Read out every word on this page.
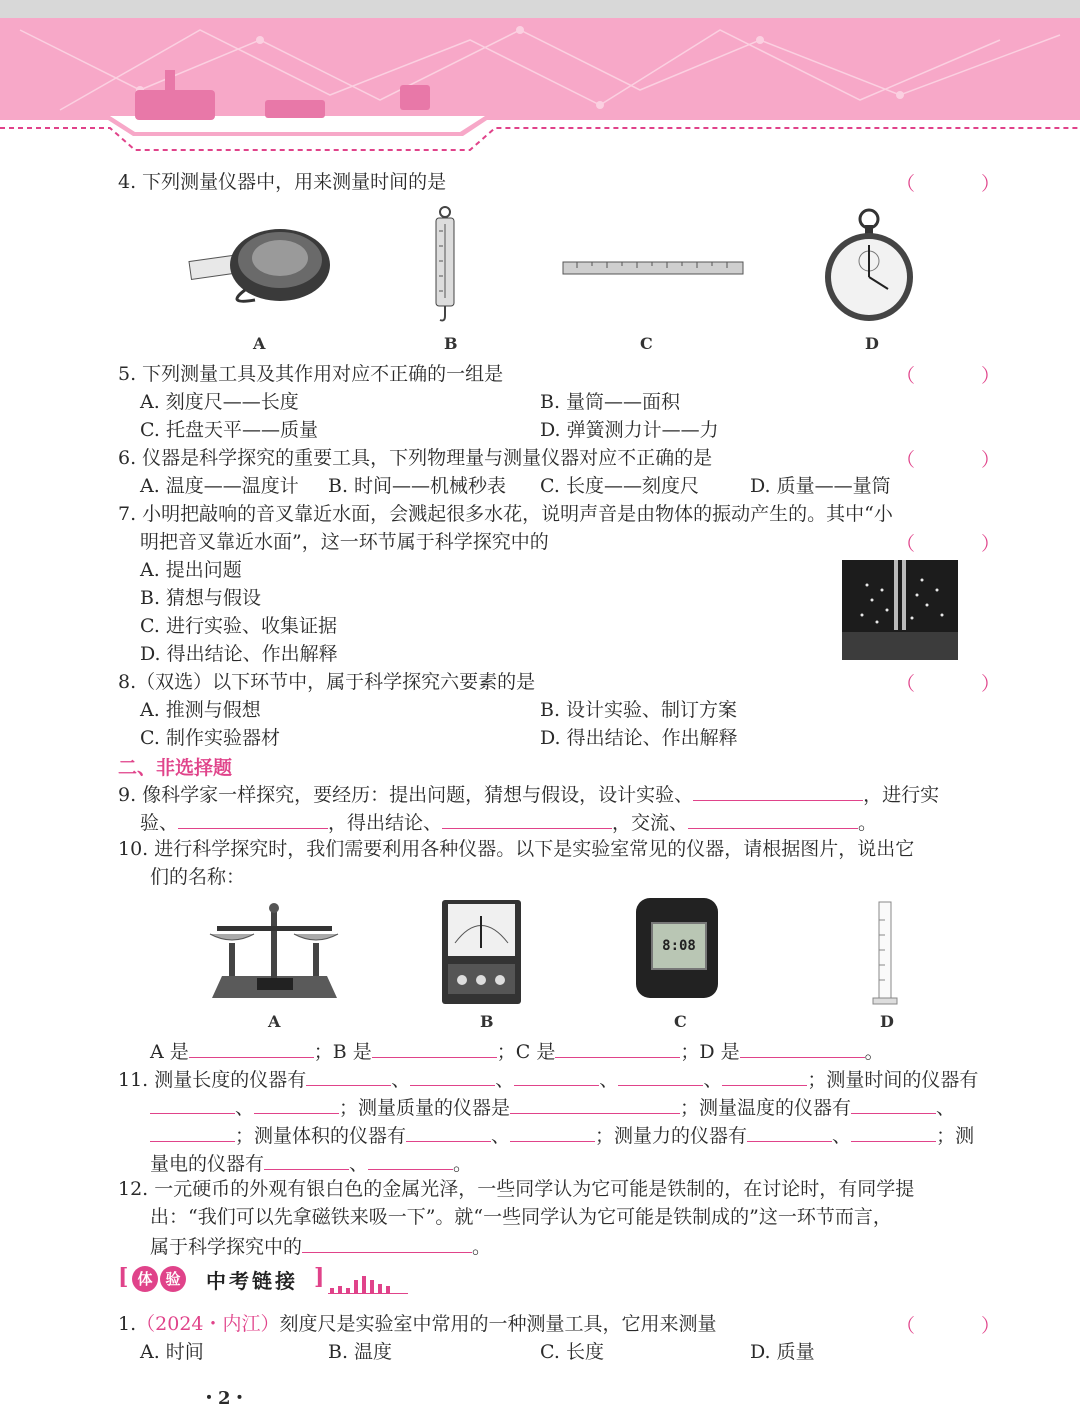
4. 下列测量仪器中，用来测量时间的是	（ ）
A	B	C	D
5. 下列测量工具及其作用对应不正确的一组是	（ ）
A. 刻度尺——长度	B. 量筒——面积
C. 托盘天平——质量	D. 弹簧测力计——力
6. 仪器是科学探究的重要工具，下列物理量与测量仪器对应不正确的是	（ ）
A. 温度——温度计 B. 时间——机械秒表 C. 长度——刻度尺	D. 质量——量筒
7. 小明把敲响的音叉靠近水面，会溅起很多水花，说明声音是由物体的振动产生的。其中“小
明把音叉靠近水面”，这一环节属于科学探究中的	（ ）
A. 提出问题
B. 猜想与假设
C. 进行实验、收集证据
D. 得出结论、作出解释
8.（双选）以下环节中，属于科学探究六要素的是	（ ）
A. 推测与假想	B. 设计实验、制订方案
C. 制作实验器材	D. 得出结论、作出解释
二、非选择题
9. 像科学家一样探究，要经历：提出问题，猜想与假设，设计实验、	，进行实
验、	，得出结论、	，交流、	。
10. 进行科学探究时，我们需要利用各种仪器。以下是实验室常见的仪器，请根据图片，说出它
们的名称：
8:08
A	B	C	D
A 是	；B 是	；C 是	；D 是	。
11. 测量长度的仪器有	、	、	、	、	；测量时间的仪器有
、	；测量质量的仪器是	；测量温度的仪器有	、
；测量体积的仪器有	、	；测量力的仪器有	、	；测
量电的仪器有	、	。
12. 一元硬币的外观有银白色的金属光泽，一些同学认为它可能是铁制的，在讨论时，有同学提
出：“我们可以先拿磁铁来吸一下”。就“一些同学认为它可能是铁制成的”这一环节而言，
属于科学探究中的	。
[ 体 验 中考链接 ]
1.（2024・内江）刻度尺是实验室中常用的一种测量工具，它用来测量	（ ）
A. 时间	B. 温度	C. 长度	D. 质量
・2・
